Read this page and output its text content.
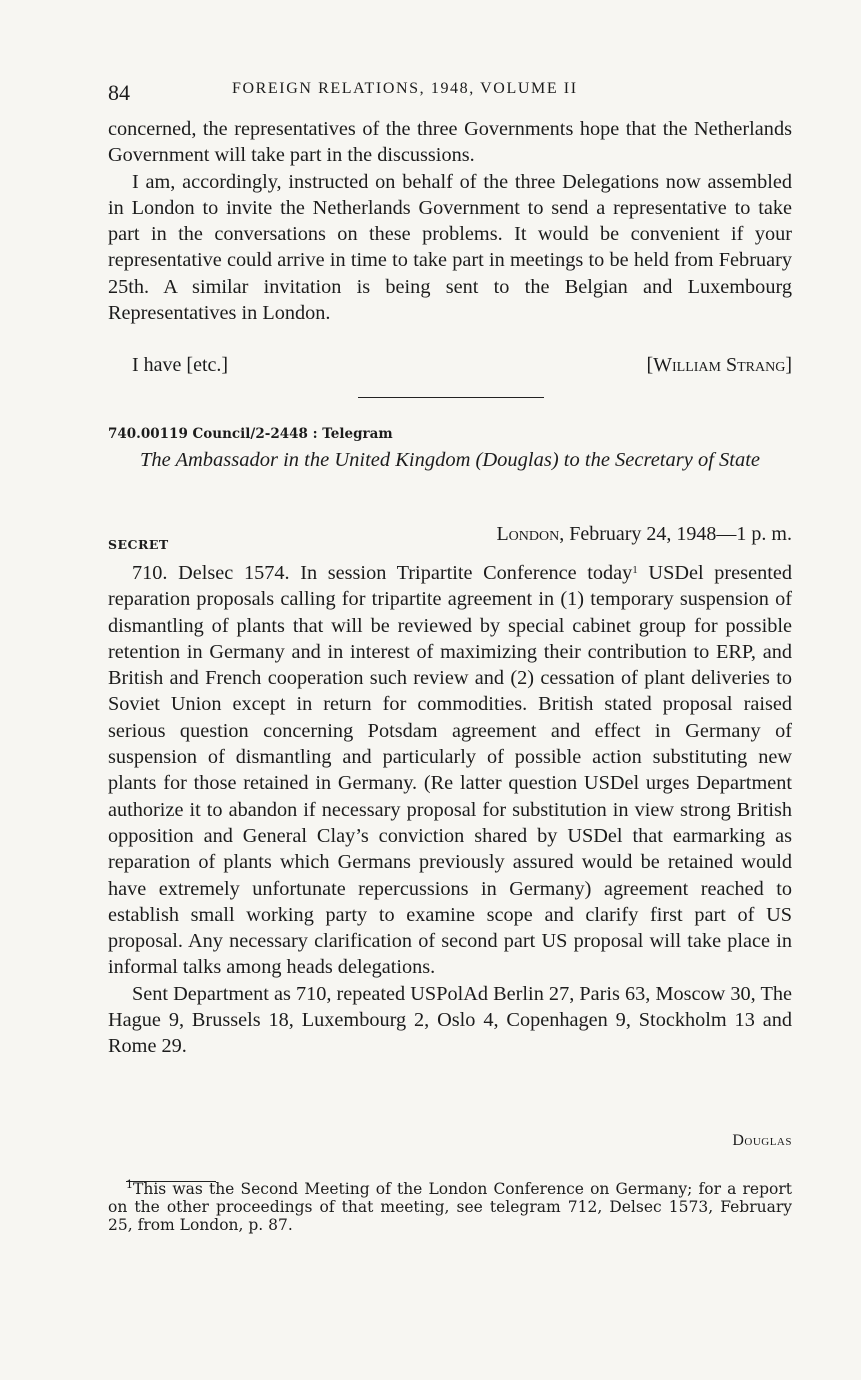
84	FOREIGN RELATIONS, 1948, VOLUME II

concerned, the representatives of the three Governments hope that the Netherlands Government will take part in the discussions.

I am, accordingly, instructed on behalf of the three Delegations now assembled in London to invite the Netherlands Government to send a representative to take part in the conversations on these problems. It would be convenient if your representative could arrive in time to take part in meetings to be held from February 25th. A similar invitation is being sent to the Belgian and Luxembourg Representatives in London.

I have [etc.]	[William Strang]
740.00119 Council/2-2448 : Telegram
The Ambassador in the United Kingdom (Douglas) to the Secretary of State
SECRET	London, February 24, 1948—1 p. m.

710. Delsec 1574. In session Tripartite Conference today$^1$ USDel presented reparation proposals calling for tripartite agreement in (1) temporary suspension of dismantling of plants that will be reviewed by special cabinet group for possible retention in Germany and in interest of maximizing their contribution to ERP, and British and French cooperation such review and (2) cessation of plant deliveries to Soviet Union except in return for commodities. British stated proposal raised serious question concerning Potsdam agreement and effect in Germany of suspension of dismantling and particularly of possible action substituting new plants for those retained in Germany. (Re latter question USDel urges Department authorize it to abandon if necessary proposal for substitution in view strong British opposition and General Clay’s conviction shared by USDel that earmarking as reparation of plants which Germans previously assured would be retained would have extremely unfortunate repercussions in Germany) agreement reached to establish small working party to examine scope and clarify first part of US proposal. Any necessary clarification of second part US proposal will take place in informal talks among heads delegations.

Sent Department as 710, repeated USPolAd Berlin 27, Paris 63, Moscow 30, The Hague 9, Brussels 18, Luxembourg 2, Oslo 4, Copenhagen 9, Stockholm 13 and Rome 29.

Douglas

$^1$This was the Second Meeting of the London Conference on Germany; for a report on the other proceedings of that meeting, see telegram 712, Delsec 1573, February 25, from London, p. 87.
